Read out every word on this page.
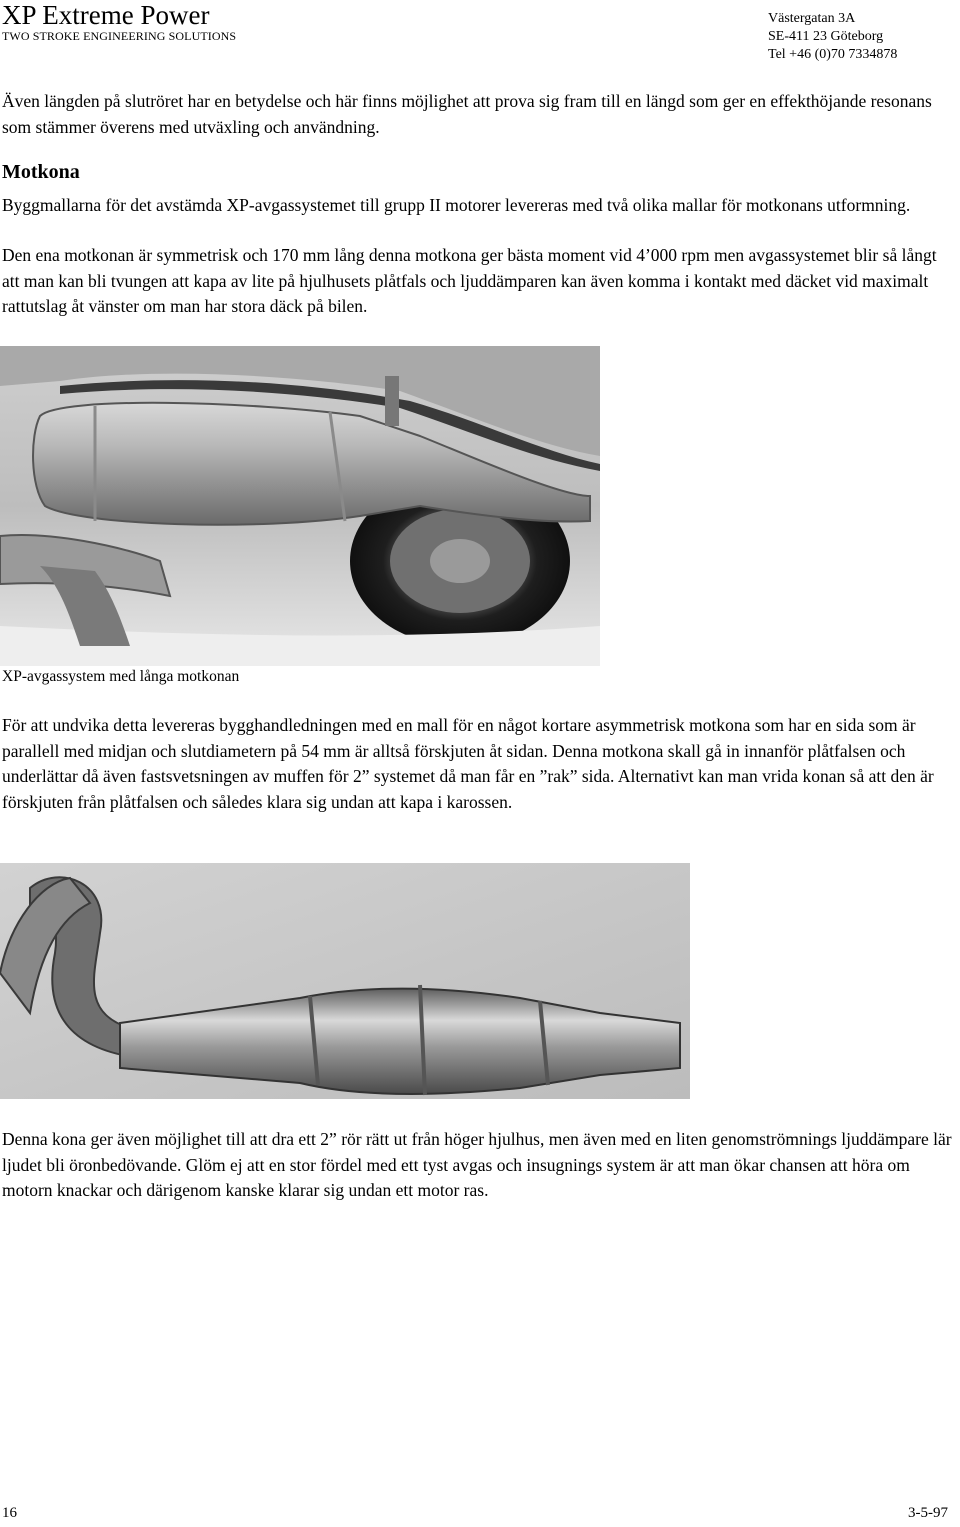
XP Extreme Power
TWO STROKE ENGINEERING SOLUTIONS
Västergatan 3A
SE-411 23 Göteborg
Tel +46 (0)70 7334878

Även längden på slutröret har en betydelse och här finns möjlighet att prova sig fram till en längd som ger en effekthöjande resonans som stämmer överens med utväxling och användning.

Motkona

Byggmallarna för det avstämda XP-avgassystemet till grupp II motorer levereras med två olika mallar för motkonans utformning.

Den ena motkonan är symmetrisk och 170 mm lång denna motkona ger bästa moment vid 4’000 rpm men avgassystemet blir så långt att man kan bli tvungen att kapa av lite på hjulhusets plåtfals och ljuddämparen kan även komma i kontakt med däcket vid maximalt rattutslag åt vänster om man har stora däck på bilen.

XP-avgassystem med långa motkonan

För att undvika detta levereras bygghandledningen med en mall för en något kortare asymmetrisk motkona som har en sida som är parallell med midjan och slutdiametern på 54 mm är alltså förskjuten åt sidan. Denna motkona skall gå in innanför plåtfalsen och underlättar då även fastsvetsningen av muffen för 2” systemet då man får en ”rak” sida. Alternativt kan man vrida konan så att den är förskjuten från plåtfalsen och således klara sig undan att kapa i karossen.

Denna kona ger även möjlighet till att dra ett 2” rör rätt ut från höger hjulhus, men även med en liten genomströmnings ljuddämpare lär ljudet bli öronbedövande. Glöm ej att en stor fördel med ett tyst avgas och insugnings system är att man ökar chansen att höra om motorn knackar och därigenom kanske klarar sig undan ett motor ras.

16	3-5-97
